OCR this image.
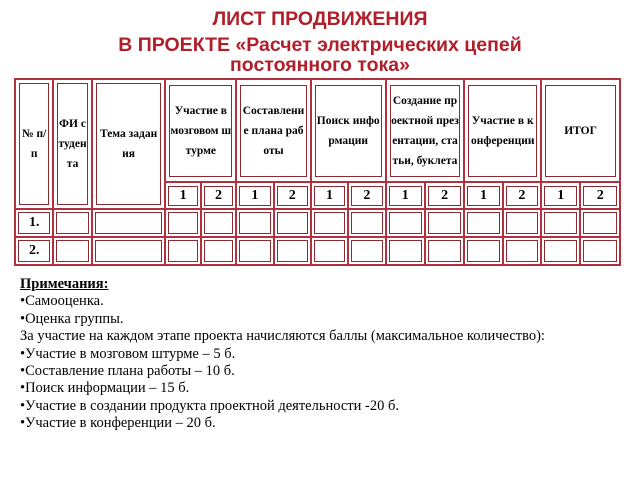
ЛИСТ ПРОДВИЖЕНИЯ
В ПРОЕКТЕ «Расчет электрических цепей
постоянного тока»
№ п/п	ФИ студента	Тема задания	Участие в мозговом штурме		Составление плана работы		Поиск информации		Создание проектной презентации, статьи, буклета		Участие в конференции		ИТОГ	

			1	2	1	2	1	2	1	2	1	2	1	2

1.														

2.														

Примечания:
• Самооценка.
• Оценка группы.
За участие на каждом этапе проекта начисляются баллы (максимальное количество):
• Участие в мозговом штурме – 5 б.
• Составление плана работы – 10 б.
• Поиск информации – 15 б.
• Участие в создании продукта проектной деятельности -20 б.
• Участие в конференции – 20 б.
